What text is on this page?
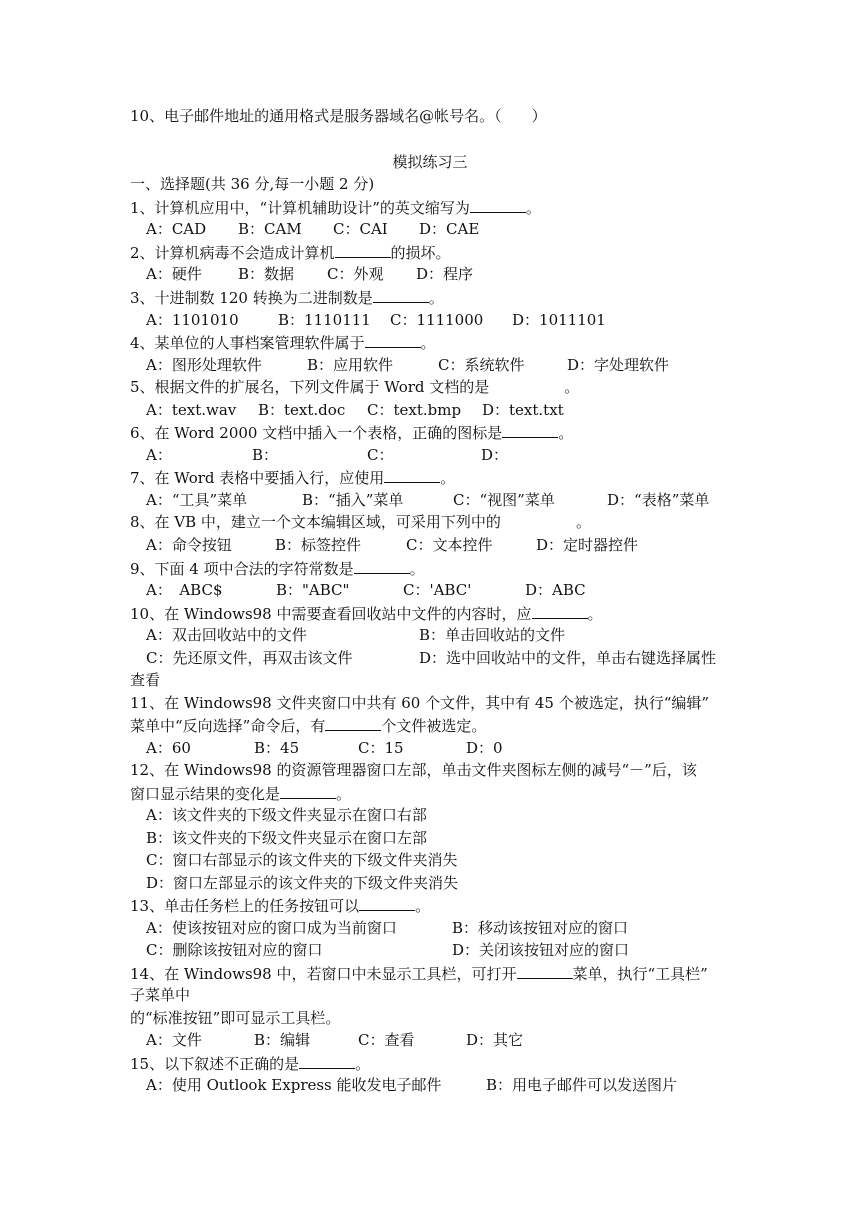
10、电子邮件地址的通用格式是服务器域名@帐号名。（　　）
模拟练习三
一、选择题(共 36 分,每一小题 2 分)
1、计算机应用中，“计算机辅助设计”的英文缩写为	。
A：CAD B：CAM C：CAI D：CAE
2、计算机病毒不会造成计算机	的损坏。
A：硬件 B：数据 C：外观 D：程序
3、十进制数 120 转换为二进制数是	。
A：1101010	B：1110111 C：1111000 D：1011101
4、某单位的人事档案管理软件属于	。
A：图形处理软件	B：应用软件	C：系统软件	D：字处理软件
5、根据文件的扩展名，下列文件属于 Word 文档的是　　　　　。
A：text.wav B：text.doc C：text.bmp D：text.txt
6、在 Word 2000 文档中插入一个表格，正确的图标是	。
A：	B：	C：	D：
7、在 Word 表格中要插入行，应使用	。
A：“工具”菜单	B：“插入”菜单	C：“视图”菜单	D：“表格”菜单
8、在 VB 中，建立一个文本编辑区域，可采用下列中的　　　　　。
A：命令按钮	B：标签控件	C：文本控件	D：定时器控件
9、下面 4 项中合法的字符常数是	。
A：　ABC$	B："ABC"	C：'ABC'	D：ABC
10、在 Windows98 中需要查看回收站中文件的内容时，应	。
A：双击回收站中的文件	B：单击回收站的文件
C：先还原文件，再双击该文件	D：选中回收站中的文件，单击右键选择属性
查看
11、在 Windows98 文件夹窗口中共有 60 个文件，其中有 45 个被选定，执行“编辑”
菜单中“反向选择”命令后，有	个文件被选定。
A：60	B：45	C：15	D：0
12、在 Windows98 的资源管理器窗口左部，单击文件夹图标左侧的减号“－”后，该
窗口显示结果的变化是	。
A：该文件夹的下级文件夹显示在窗口右部
B：该文件夹的下级文件夹显示在窗口左部
C：窗口右部显示的该文件夹的下级文件夹消失
D：窗口左部显示的该文件夹的下级文件夹消失
13、单击任务栏上的任务按钮可以	。
A：使该按钮对应的窗口成为当前窗口	B：移动该按钮对应的窗口
C：删除该按钮对应的窗口	D：关闭该按钮对应的窗口
14、在 Windows98 中，若窗口中未显示工具栏，可打开	菜单，执行“工具栏”
子菜单中
的“标准按钮”即可显示工具栏。
A：文件	B：编辑	C：查看	D：其它
15、以下叙述不正确的是	。
A：使用 Outlook Express 能收发电子邮件	B：用电子邮件可以发送图片
